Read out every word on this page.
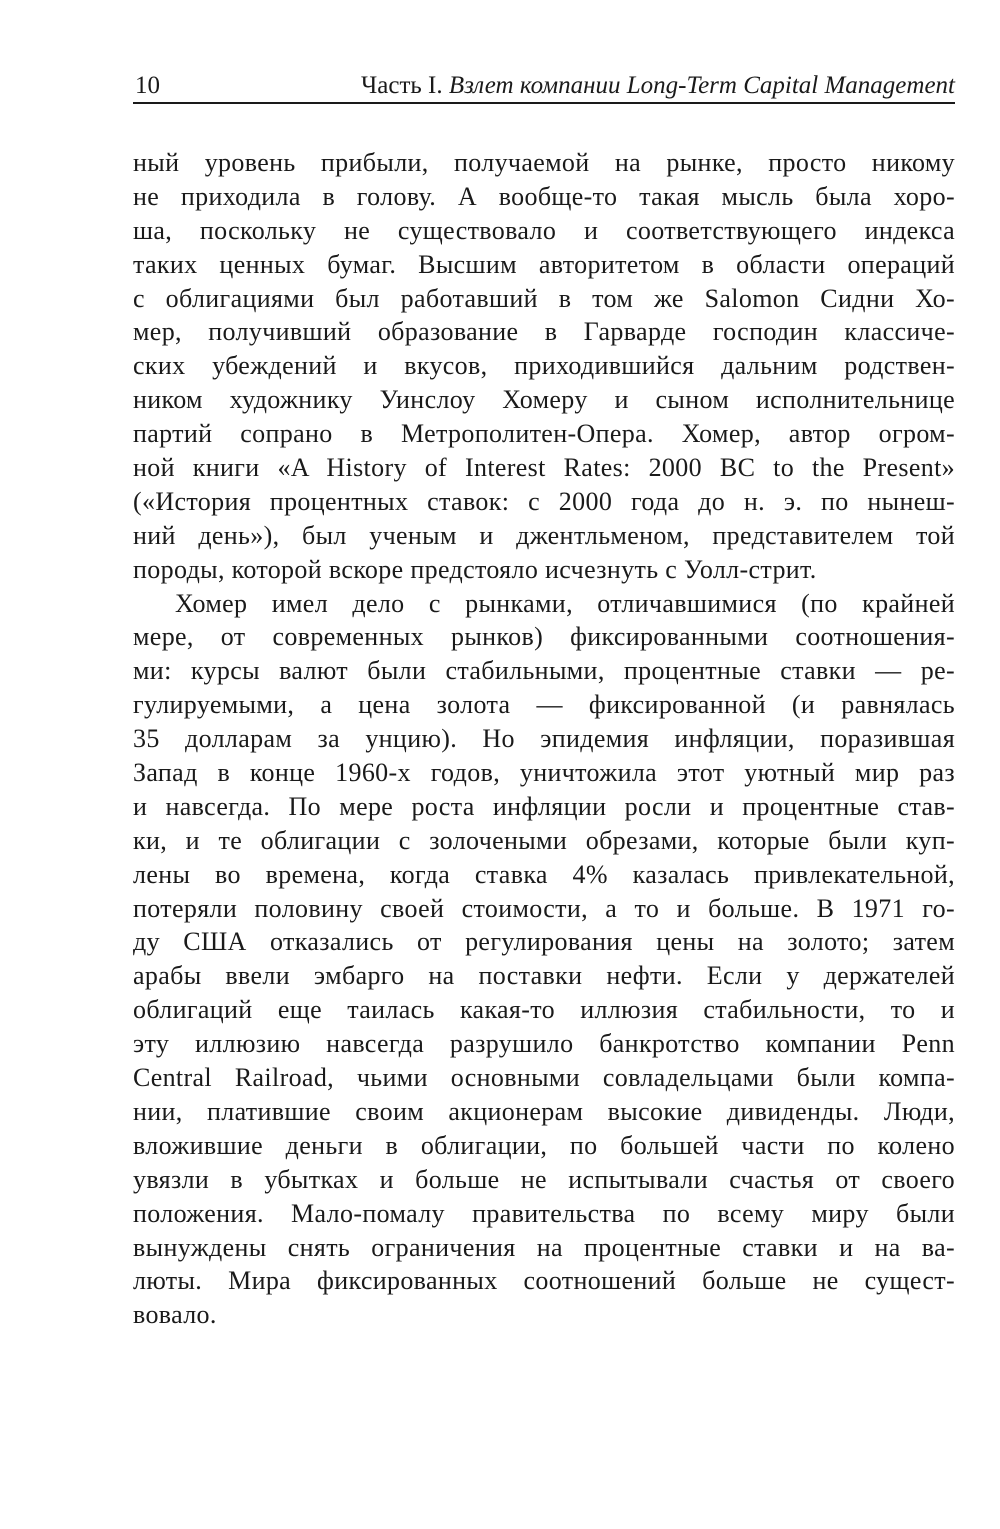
10	Часть I. Взлет компании Long-Term Capital Management
ный уровень прибыли, получаемой на рынке, просто никому
не приходила в голову. А вообще-то такая мысль была хоро-
ша, поскольку не существовало и соответствующего индекса
таких ценных бумаг. Высшим авторитетом в области операций
с облигациями был работавший в том же Salomon Сидни Хо-
мер, получивший образование в Гарварде господин классиче-
ских убеждений и вкусов, приходившийся дальним родствен-
ником художнику Уинслоу Хомеру и сыном исполнительнице
партий сопрано в Метрополитен-Опера. Хомер, автор огром-
ной книги «A History of Interest Rates: 2000 BC to the Present»
(«История процентных ставок: с 2000 года до н. э. по нынеш-
ний день»), был ученым и джентльменом, представителем той
породы, которой вскоре предстояло исчезнуть с Уолл-стрит.
Хомер имел дело с рынками, отличавшимися (по крайней
мере, от современных рынков) фиксированными соотношения-
ми: курсы валют были стабильными, процентные ставки — ре-
гулируемыми, а цена золота — фиксированной (и равнялась
35 долларам за унцию). Но эпидемия инфляции, поразившая
Запад в конце 1960-х годов, уничтожила этот уютный мир раз
и навсегда. По мере роста инфляции росли и процентные став-
ки, и те облигации с золочеными обрезами, которые были куп-
лены во времена, когда ставка 4% казалась привлекательной,
потеряли половину своей стоимости, а то и больше. В 1971 го-
ду США отказались от регулирования цены на золото; затем
арабы ввели эмбарго на поставки нефти. Если у держателей
облигаций еще таилась какая-то иллюзия стабильности, то и
эту иллюзию навсегда разрушило банкротство компании Penn
Central Railroad, чьими основными совладельцами были компа-
нии, платившие своим акционерам высокие дивиденды. Люди,
вложившие деньги в облигации, по большей части по колено
увязли в убытках и больше не испытывали счастья от своего
положения. Мало-помалу правительства по всему миру были
вынуждены снять ограничения на процентные ставки и на ва-
люты. Мира фиксированных соотношений больше не сущест-
вовало.
